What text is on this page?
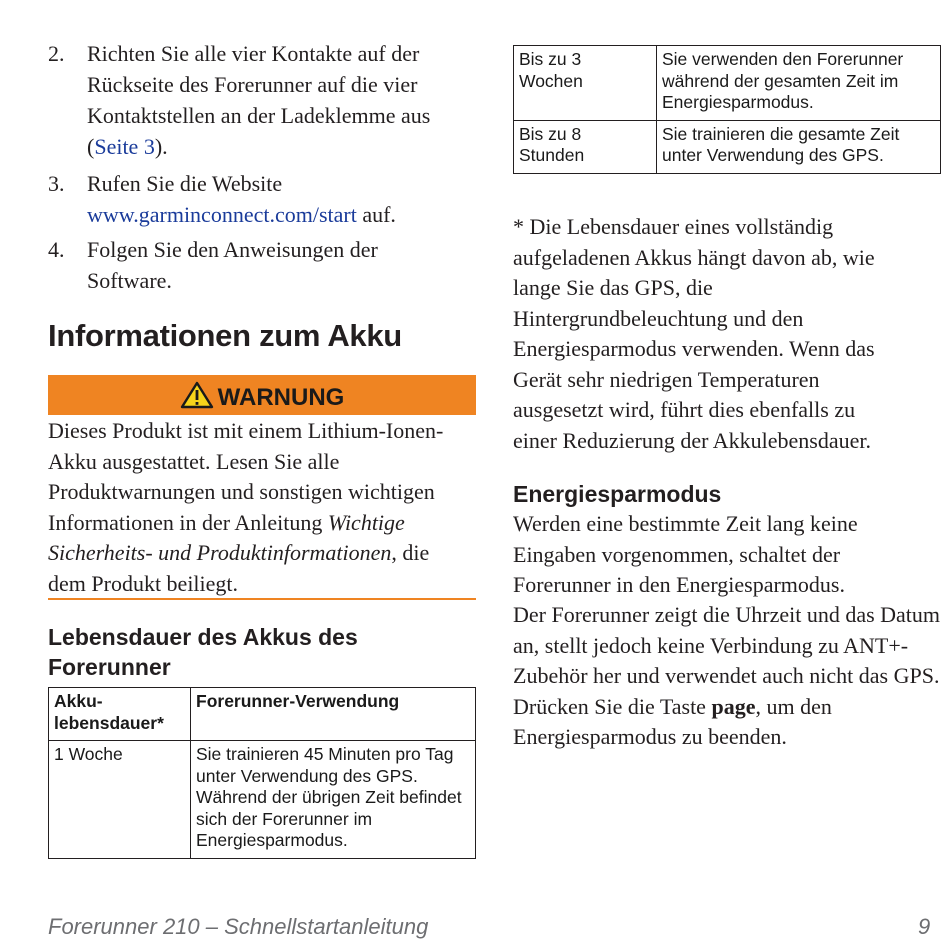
2.	Richten Sie alle vier Kontakte auf der Rückseite des Forerunner auf die vier Kontaktstellen an der Ladeklemme aus (Seite 3).
3.	Rufen Sie die Website www.garminconnect.com/start auf.
4.	Folgen Sie den Anweisungen der Software.
Informationen zum Akku
WARNUNG
Dieses Produkt ist mit einem Lithium-Ionen-Akku ausgestattet. Lesen Sie alle Produktwarnungen und sonstigen wichtigen Informationen in der Anleitung Wichtige Sicherheits- und Produktinformationen, die dem Produkt beiliegt.
Lebensdauer des Akkus des Forerunner
Akku-lebensdauer*	Forerunner-Verwendung
1 Woche	Sie trainieren 45 Minuten pro Tag unter Verwendung des GPS. Während der übrigen Zeit befindet sich der Forerunner im Energiesparmodus.
Bis zu 3 Wochen	Sie verwenden den Forerunner während der gesamten Zeit im Energiesparmodus.

Bis zu 8 Stunden	Sie trainieren die gesamte Zeit unter Verwendung des GPS.
* Die Lebensdauer eines vollständig aufgeladenen Akkus hängt davon ab, wie lange Sie das GPS, die Hintergrundbeleuchtung und den Energiesparmodus verwenden. Wenn das Gerät sehr niedrigen Temperaturen ausgesetzt wird, führt dies ebenfalls zu einer Reduzierung der Akkulebensdauer.
Energiesparmodus
Werden eine bestimmte Zeit lang keine Eingaben vorgenommen, schaltet der Forerunner in den Energiesparmodus.
Der Forerunner zeigt die Uhrzeit und das Datum an, stellt jedoch keine Verbindung zu ANT+-Zubehör her und verwendet auch nicht das GPS. Drücken Sie die Taste page, um den Energiesparmodus zu beenden.
Forerunner 210 – Schnellstartanleitung	9
